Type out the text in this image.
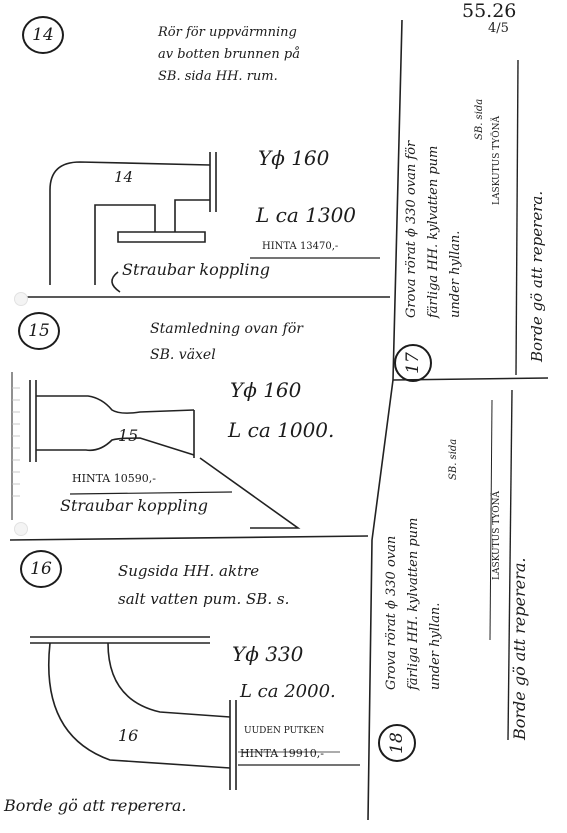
55.26
4/5
14	Rör för uppvärmning
av botten brunnen på
SB. sida HH. rum.
Yϕ 160
L ca 1300
HINTA 13470,-
14
Straubar koppling
15	Stamledning ovan för
SB. växel
Yϕ 160
L ca 1000.
15
HINTA 10590,-
Straubar koppling
16	Sugsida HH. aktre
salt vatten pum. SB. s.
Yϕ 330
L ca 2000.
16	UUDEN PUTKEN
HINTA 19910,-
17
Grova rörat ϕ 330 ovan för färliga HH. kylvatten pum under hyllan.
SB. sida LASKUTUS TYÖNÄ
Borde gö att reperera.
18
Grova rörat ϕ 330 ovan färliga HH. kylvatten pum under hyllan.
SB. sida
LASKUTUS TYÖNÄ
Borde gö att reperera.
Borde gö att reperera.
